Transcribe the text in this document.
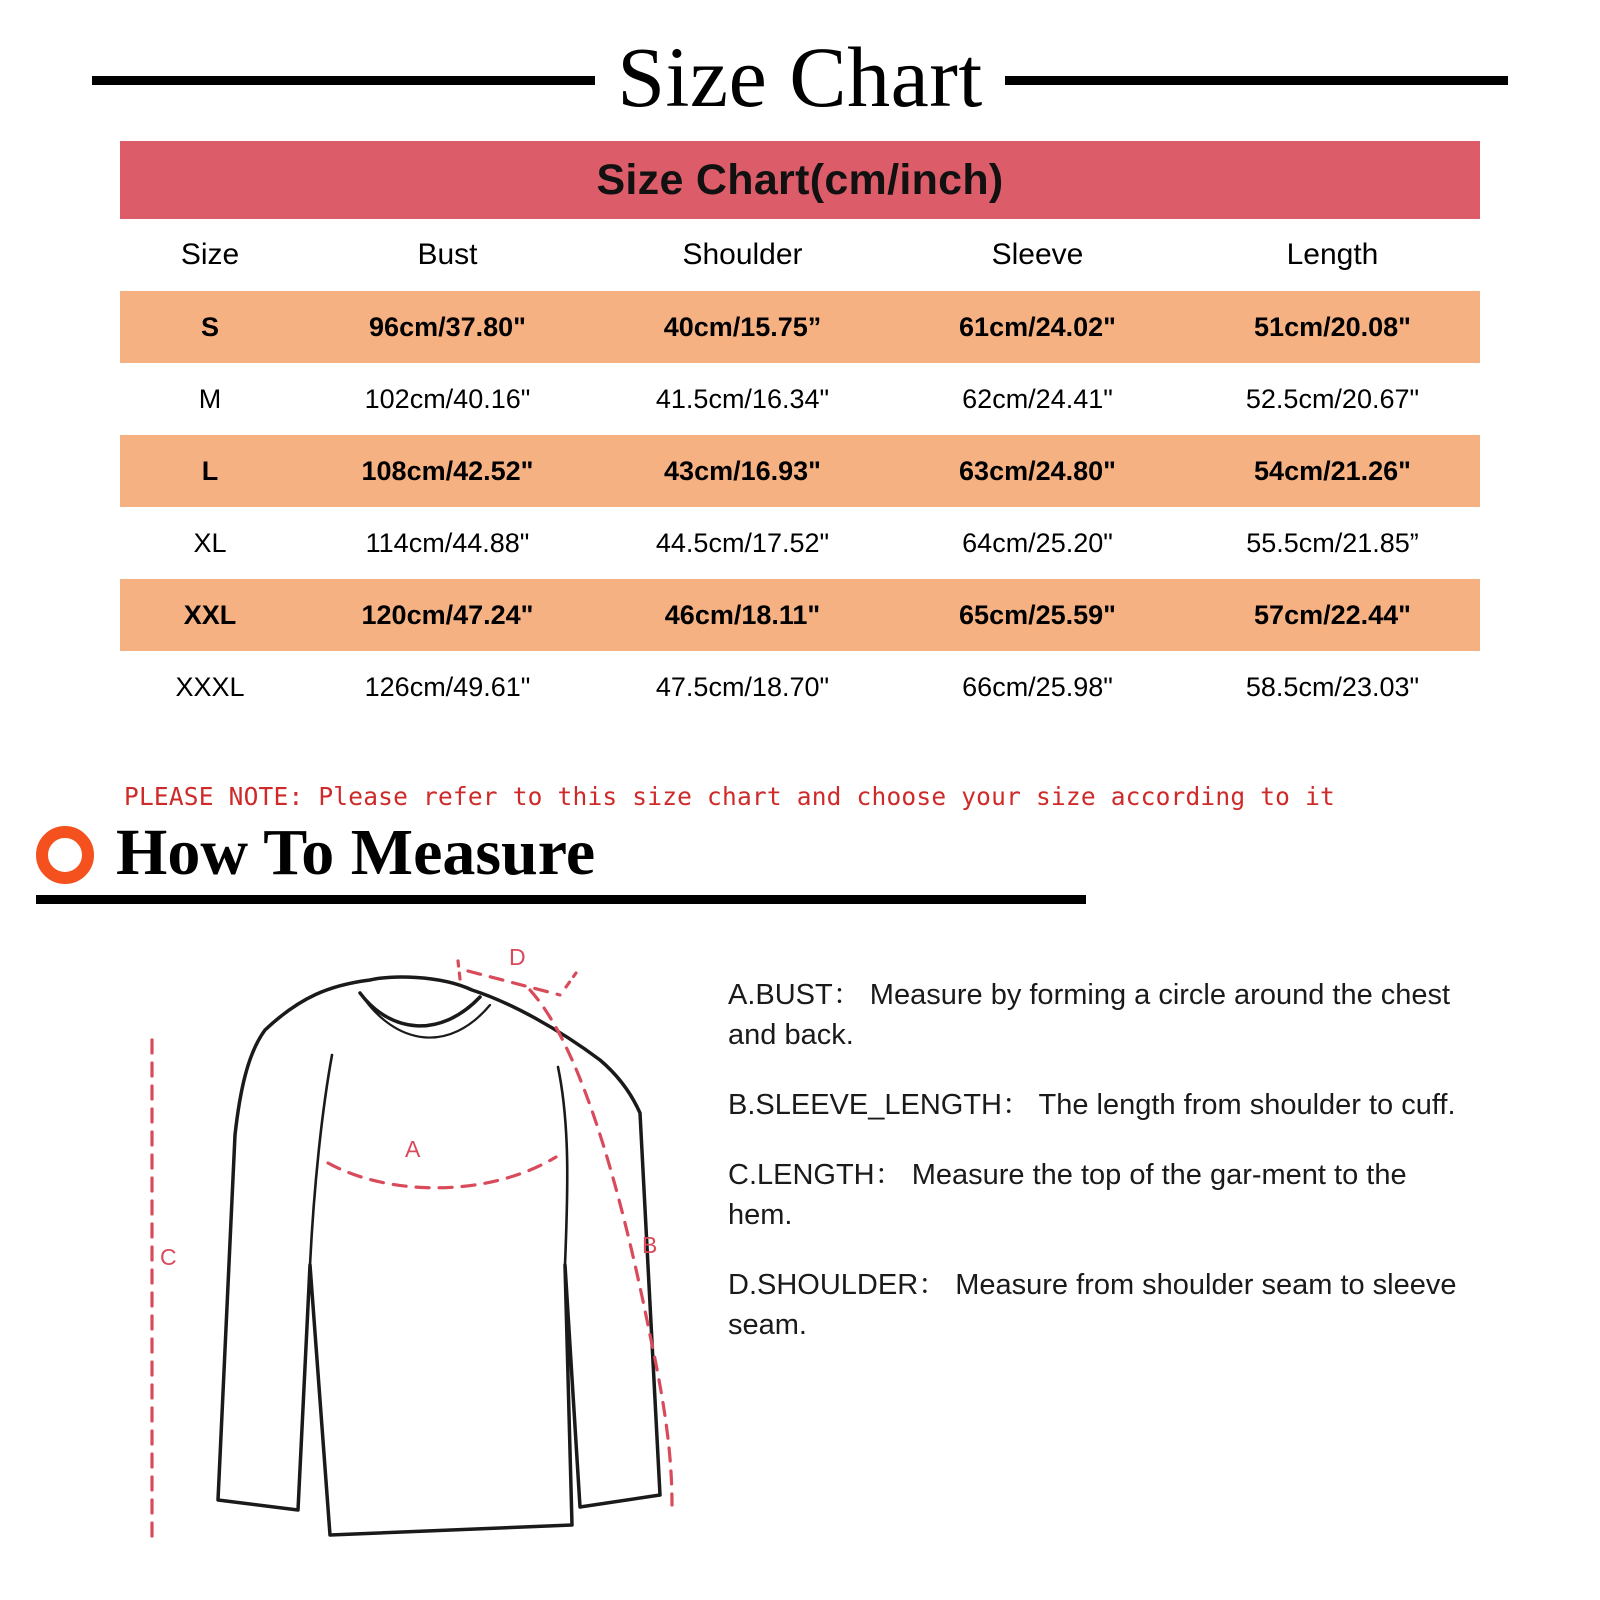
Size Chart
Size Chart(cm/inch)				
Size	Bust	Shoulder	Sleeve	Length
S	96cm/37.80"	40cm/15.75”	61cm/24.02"	51cm/20.08"
M	102cm/40.16"	41.5cm/16.34"	62cm/24.41"	52.5cm/20.67"
L	108cm/42.52"	43cm/16.93"	63cm/24.80"	54cm/21.26"
XL	114cm/44.88"	44.5cm/17.52"	64cm/25.20"	55.5cm/21.85”
XXL	120cm/47.24"	46cm/18.11"	65cm/25.59"	57cm/22.44"
XXXL	126cm/49.61"	47.5cm/18.70"	66cm/25.98"	58.5cm/23.03"
PLEASE NOTE: Please refer to this size chart and choose your size according to it
How To Measure
A
B
C
D

A.BUST： Measure by forming a circle around the chest and back.

B.SLEEVE_LENGTH： The length from shoulder to cuff.

C.LENGTH： Measure the top of the gar-ment to the hem.

D.SHOULDER： Measure from shoulder seam to sleeve seam.
